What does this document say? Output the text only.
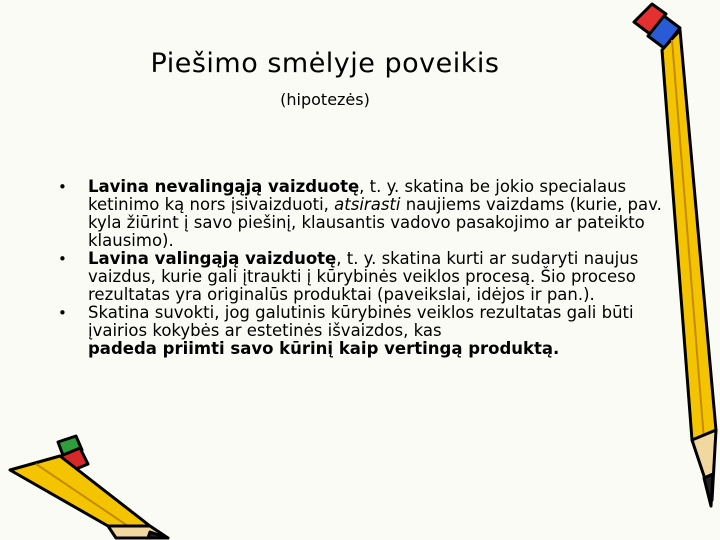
Piešimo smėlyje poveikis
(hipotezės)

• Lavina nevalingąją vaizduotę, t. y. skatina be jokio specialaus ketinimo ką nors įsivaizduoti, atsirasti naujiems vaizdams (kurie, pav. kyla žiūrint į savo piešinį, klausantis vadovo pasakojimo ar pateikto klausimo).

• Lavina valingąją vaizduotę, t. y. skatina kurti ar sudaryti naujus vaizdus, kurie gali įtraukti į kūrybinės veiklos procesą. Šio proceso rezultatas yra originalūs produktai (paveikslai, idėjos ir pan.).

• Skatina suvokti, jog galutinis kūrybinės veiklos rezultatas gali būti įvairios kokybės ar estetinės išvaizdos, kas

padeda priimti savo kūrinį kaip vertingą produktą.
